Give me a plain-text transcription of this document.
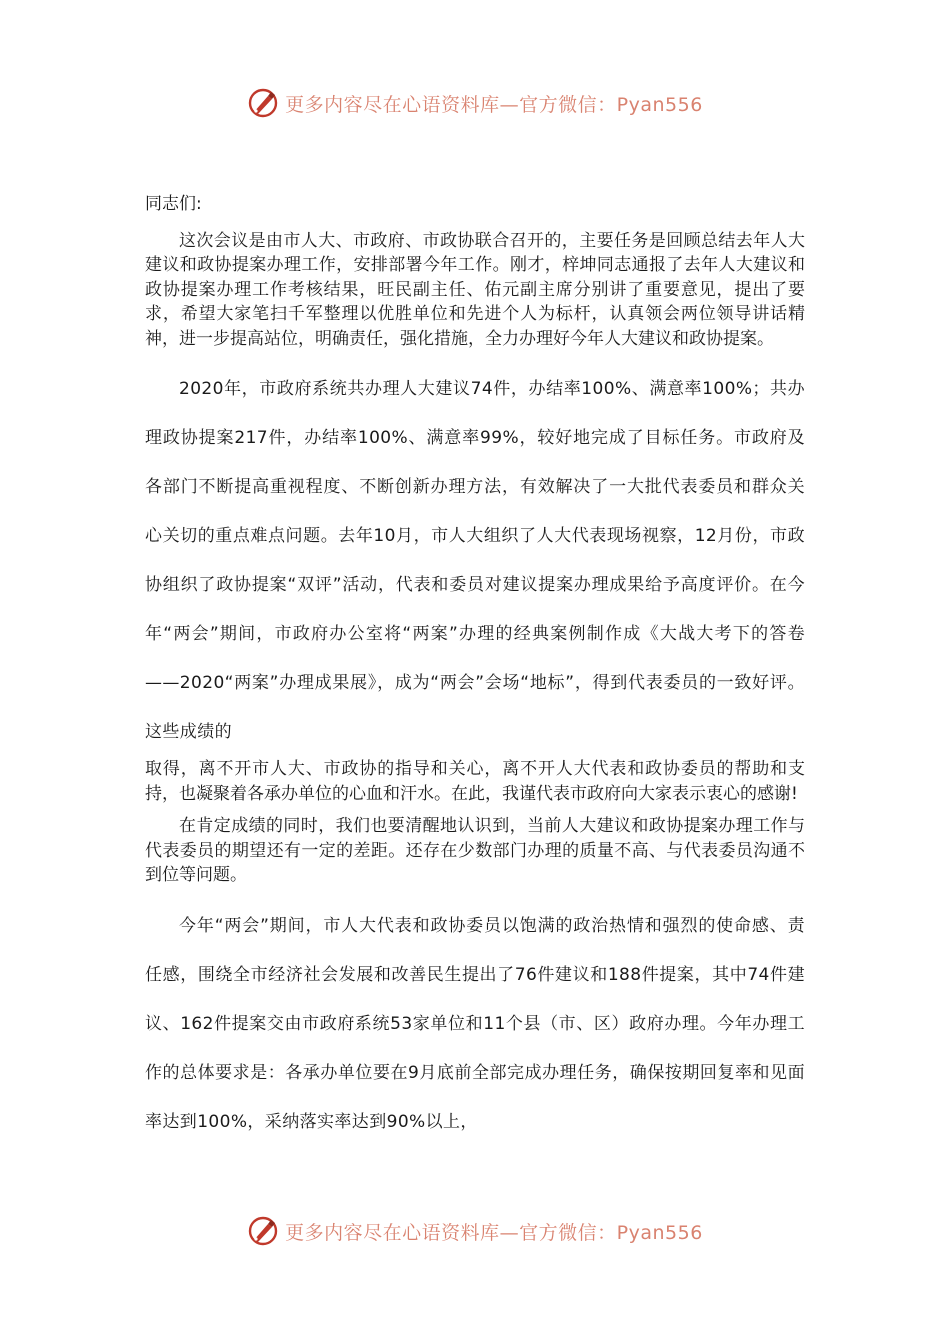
更多内容尽在心语资料库—官方微信：Pyan556

同志们:

这次会议是由市人大、市政府、市政协联合召开的，主要任务是回顾总结去年人大建议和政协提案办理工作，安排部署今年工作。刚才，梓坤同志通报了去年人大建议和政协提案办理工作考核结果，旺民副主任、佑元副主席分别讲了重要意见，提出了要求，希望大家笔扫千军整理以优胜单位和先进个人为标杆，认真领会两位领导讲话精神，进一步提高站位，明确责任，强化措施，全力办理好今年人大建议和政协提案。

2020年，市政府系统共办理人大建议74件，办结率100%、满意率100%；共办理政协提案217件，办结率100%、满意率99%，较好地完成了目标任务。市政府及各部门不断提高重视程度、不断创新办理方法，有效解决了一大批代表委员和群众关心关切的重点难点问题。去年10月，市人大组织了人大代表现场视察，12月份，市政协组织了政协提案“双评”活动，代表和委员对建议提案办理成果给予高度评价。在今年“两会”期间，市政府办公室将“两案”办理的经典案例制作成《大战大考下的答卷——2020“两案”办理成果展》，成为“两会”会场“地标”，得到代表委员的一致好评。这些成绩的

取得，离不开市人大、市政协的指导和关心，离不开人大代表和政协委员的帮助和支持，也凝聚着各承办单位的心血和汗水。在此，我谨代表市政府向大家表示衷心的感谢!

在肯定成绩的同时，我们也要清醒地认识到，当前人大建议和政协提案办理工作与代表委员的期望还有一定的差距。还存在少数部门办理的质量不高、与代表委员沟通不到位等问题。

今年“两会”期间，市人大代表和政协委员以饱满的政治热情和强烈的使命感、责任感，围绕全市经济社会发展和改善民生提出了76件建议和188件提案，其中74件建议、162件提案交由市政府系统53家单位和11个县（市、区）政府办理。今年办理工作的总体要求是：各承办单位要在9月底前全部完成办理任务，确保按期回复率和见面率达到100%，采纳落实率达到90%以上，

更多内容尽在心语资料库—官方微信：Pyan556
